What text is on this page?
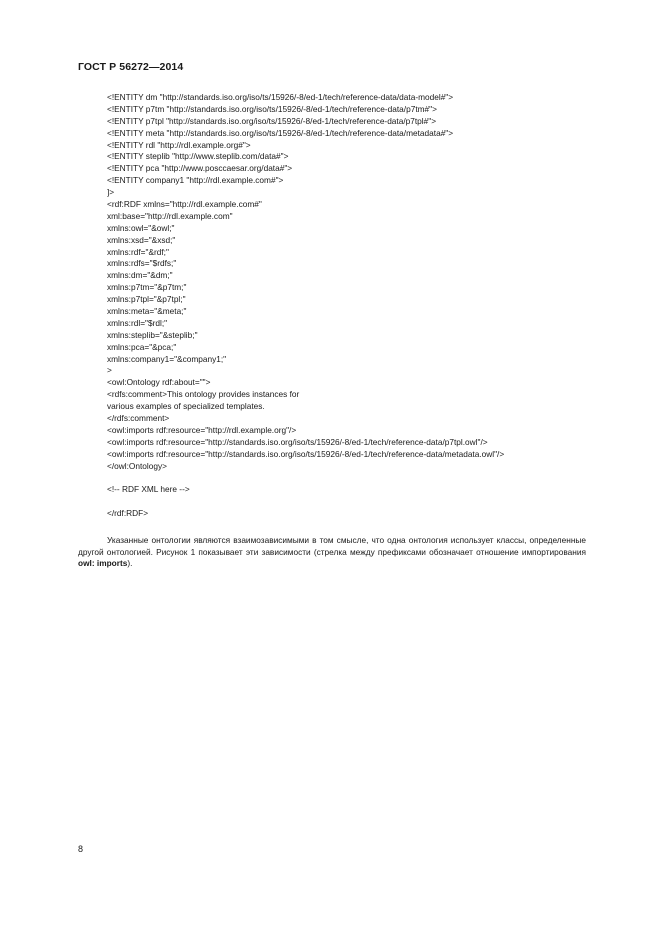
ГОСТ Р 56272—2014
<!ENTITY dm "http://standards.iso.org/iso/ts/15926/-8/ed-1/tech/reference-data/data-model#">
<!ENTITY p7tm "http://standards.iso.org/iso/ts/15926/-8/ed-1/tech/reference-data/p7tm#">
<!ENTITY p7tpl "http://standards.iso.org/iso/ts/15926/-8/ed-1/tech/reference-data/p7tpl#">
<!ENTITY meta "http://standards.iso.org/iso/ts/15926/-8/ed-1/tech/reference-data/metadata#">
<!ENTITY rdl "http://rdl.example.org#">
<!ENTITY steplib "http://www.steplib.com/data#">
<!ENTITY pca "http://www.posccaesar.org/data#">
<!ENTITY company1 "http://rdl.example.com#">
]>
<rdf:RDF xmlns="http://rdl.example.com#"
xml:base="http://rdl.example.com"
xmlns:owl="&owl;"
xmlns:xsd="&xsd;"
xmlns:rdf="&rdf;"
xmlns:rdfs="$rdfs;"
xmlns:dm="&dm;"
xmlns:p7tm="&p7tm;"
xmlns:p7tpl="&p7tpl;"
xmlns:meta="&meta;"
xmlns:rdl="$rdl;"
xmlns:steplib="&steplib;"
xmlns:pca="&pca;"
xmlns:company1="&company1;"
>
<owl:Ontology rdf:about="">
<rdfs:comment>This ontology provides instances for
various examples of specialized templates.
</rdfs:comment>
<owl:imports rdf:resource="http://rdl.example.org"/>
<owl:imports rdf:resource="http://standards.iso.org/iso/ts/15926/-8/ed-1/tech/reference-data/p7tpl.owl"/>
<owl:imports rdf:resource="http://standards.iso.org/iso/ts/15926/-8/ed-1/tech/reference-data/metadata.owl"/>
</owl:Ontology>
<!-- RDF XML here -->
</rdf:RDF>

Указанные онтологии являются взаимозависимыми в том смысле, что одна онтология использует классы, определенные другой онтологией. Рисунок 1 показывает эти зависимости (стрелка между префиксами обозначает отношение импортирования owl: imports).

8
